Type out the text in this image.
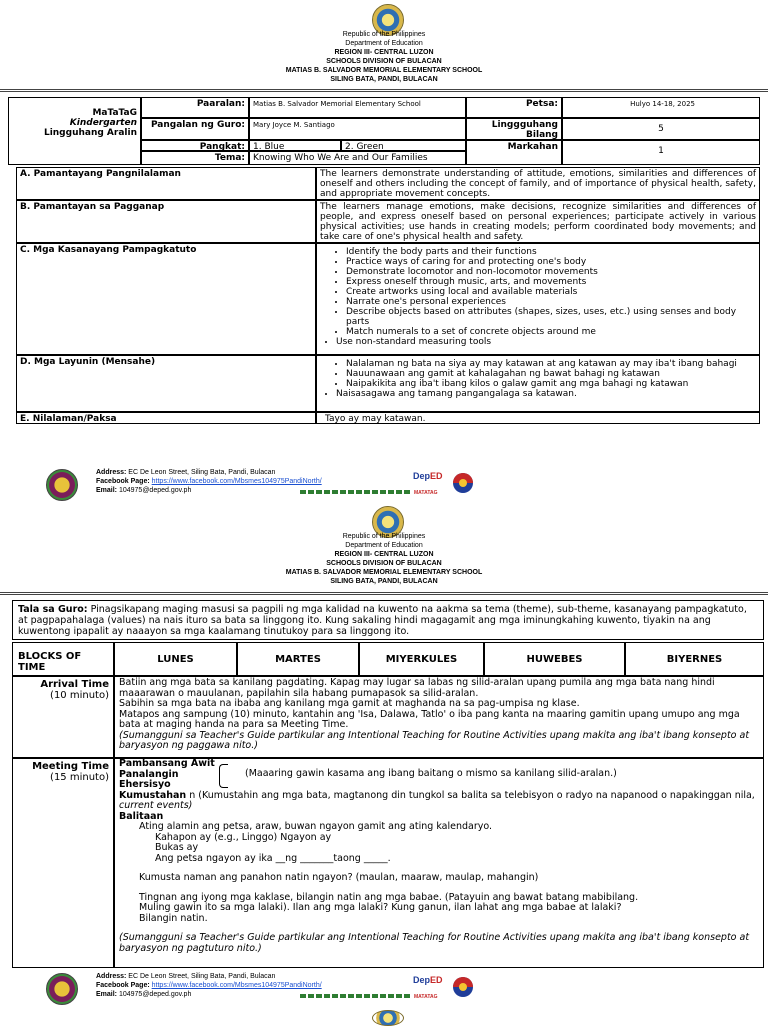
Republic of the Philippines
Department of Education
REGION III- CENTRAL LUZON
SCHOOLS DIVISION OF BULACAN
MATIAS B. SALVADOR MEMORIAL ELEMENTARY SCHOOL
SILING BATA, PANDI, BULACAN
MaTaTaG
Kindergarten
Lingguhang Aralin
Paaralan:	Matias B. Salvador Memorial Elementary School
Pangalan ng Guro:	Mary Joyce M. Santiago
Pangkat: 1. Blue	2. Green
Tema: Knowing Who We Are and Our Families
Petsa:	Hulyo 14-18, 2025
Linggguhang Bilang
5
Markahan	1
A. Pamantayang Pangnilalaman	The learners demonstrate understanding of attitude, emotions, similarities and differences of oneself and others including the concept of family, and of importance of physical health, safety, and appropriate movement concepts.
B. Pamantayan sa Pagganap	The learners manage emotions, make decisions, recognize similarities and differences of people, and express oneself based on personal experiences; participate actively in various physical activities; use hands in creating models; perform coordinated body movements; and take care of one's physical health and safety.
C. Mga Kasanayang Pampagkatuto	• Identify the body parts and their functions
• Practice ways of caring for and protecting one's body
• Demonstrate locomotor and non-locomotor movements
• Express oneself through music, arts, and movements
• Create artworks using local and available materials
• Narrate one's personal experiences
• Describe objects based on attributes (shapes, sizes, uses, etc.) using senses and body parts
• Match numerals to a set of concrete objects around me
• Use non-standard measuring tools
D. Mga Layunin (Mensahe)	• Nalalaman ng bata na siya ay may katawan at ang katawan ay may iba't ibang bahagi
• Nauunawaan ang gamit at kahalagahan ng bawat bahagi ng katawan
• Naipakikita ang iba't ibang kilos o galaw gamit ang mga bahagi ng katawan
• Naisasagawa ang tamang pangangalaga sa katawan.
E. Nilalaman/Paksa	Tayo ay may katawan.
Address: EC De Leon Street, Siling Bata, Pandi, Bulacan
Facebook Page: https://www.facebook.com/Mbsmes104975PandiNorth/
Email: 104975@deped.gov.ph
DepED
MATATAG
Republic of the Philippines
Department of Education
REGION III- CENTRAL LUZON
SCHOOLS DIVISION OF BULACAN
MATIAS B. SALVADOR MEMORIAL ELEMENTARY SCHOOL
SILING BATA, PANDI, BULACAN
Tala sa Guro: Pinagsikapang maging masusi sa pagpili ng mga kalidad na kuwento na aakma sa tema (theme), sub-theme, kasanayang pampagkatuto, at pagpapahalaga (values) na nais ituro sa bata sa linggong ito. Kung sakaling hindi magagamit ang mga iminungkahing kuwento, tiyakin na ang kuwentong ipapalit ay naaayon sa mga kaalamang tinutukoy para sa linggong ito.
BLOCKS OF TIME
LUNES	MARTES	MIYERKULES	HUWEBES	BIYERNES
Arrival Time
(10 minuto)
Batiin ang mga bata sa kanilang pagdating. Kapag may lugar sa labas ng silid-aralan upang pumila ang mga bata nang hindi maaarawan o mauulanan, papilahin sila habang pumapasok sa silid-aralan.
Sabihin sa mga bata na ibaba ang kanilang mga gamit at maghanda na sa pag-umpisa ng klase.
Matapos ang sampung (10) minuto, kantahin ang 'Isa, Dalawa, Tatlo' o iba pang kanta na maaring gamitin upang umupo ang mga bata at maging handa na para sa Meeting Time.
(Sumangguni sa Teacher's Guide partikular ang Intentional Teaching for Routine Activities upang makita ang iba't ibang konsepto at baryasyon ng paggawa nito.)
Meeting Time
(15 minuto)
Pambansang Awit
Panalangin
Ehersisyo
(Maaaring gawin kasama ang ibang baitang o mismo sa kanilang silid-aralan.)
Kumustahan n (Kumustahin ang mga bata, magtanong din tungkol sa balita sa telebisyon o radyo na napanood o napakinggan nila, current events)
Balitaan
Ating alamin ang petsa, araw, buwan ngayon gamit ang ating kalendaryo.
Kahapon ay (e.g., Linggo) Ngayon ay
Bukas ay
Ang petsa ngayon ay ika __ng _______taong _____.
Kumusta naman ang panahon natin ngayon? (maulan, maaraw, maulap, mahangin)
Tingnan ang iyong mga kaklase, bilangin natin ang mga babae. (Patayuin ang bawat batang mabibilang.
Muling gawin ito sa mga lalaki). Ilan ang mga lalaki? Kung ganun, ilan lahat ang mga babae at lalaki?
Bilangin natin.
(Sumangguni sa Teacher's Guide partikular ang Intentional Teaching for Routine Activities upang makita ang iba't ibang konsepto at baryasyon ng pagtuturo nito.)
Address: EC De Leon Street, Siling Bata, Pandi, Bulacan
Facebook Page: https://www.facebook.com/Mbsmes104975PandiNorth/
Email: 104975@deped.gov.ph
DepED
MATATAG
